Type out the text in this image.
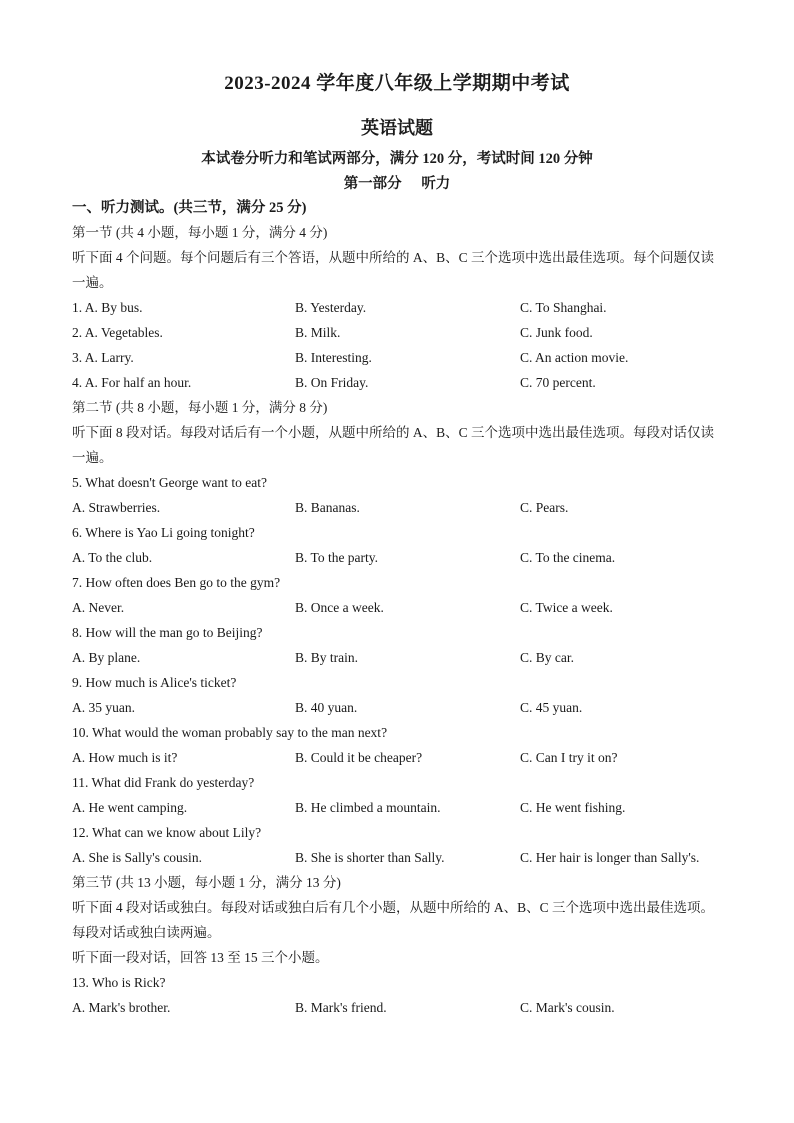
2023-2024 学年度八年级上学期期中考试
英语试题
本试卷分听力和笔试两部分，满分 120 分，考试时间 120 分钟
第一部分 听力
一、听力测试。(共三节，满分 25 分)
第一节 (共 4 小题，每小题 1 分，满分 4 分)
听下面 4 个问题。每个问题后有三个答语，从题中所给的 A、B、C 三个选项中选出最佳选项。每个问题仅读一遍。
1. A. By bus.	B. Yesterday.	C. To Shanghai.
2. A. Vegetables.	B. Milk.	C. Junk food.
3. A. Larry.	B. Interesting.	C. An action movie.
4. A. For half an hour.	B. On Friday.	C. 70 percent.
第二节 (共 8 小题，每小题 1 分，满分 8 分)
听下面 8 段对话。每段对话后有一个小题，从题中所给的 A、B、C 三个选项中选出最佳选项。每段对话仅读一遍。
5. What doesn't George want to eat?
A. Strawberries.	B. Bananas.	C. Pears.
6. Where is Yao Li going tonight?
A. To the club.	B. To the party.	C. To the cinema.
7. How often does Ben go to the gym?
A. Never.	B. Once a week.	C. Twice a week.
8. How will the man go to Beijing?
A. By plane.	B. By train.	C. By car.
9. How much is Alice's ticket?
A. 35 yuan.	B. 40 yuan.	C. 45 yuan.
10. What would the woman probably say to the man next?
A. How much is it?	B. Could it be cheaper?	C. Can I try it on?
11. What did Frank do yesterday?
A. He went camping.	B. He climbed a mountain.	C. He went fishing.
12. What can we know about Lily?
A. She is Sally's cousin.	B. She is shorter than Sally.	C. Her hair is longer than Sally's.
第三节 (共 13 小题，每小题 1 分，满分 13 分)
听下面 4 段对话或独白。每段对话或独白后有几个小题，从题中所给的 A、B、C 三个选项中选出最佳选项。每段对话或独白读两遍。
听下面一段对话，回答 13 至 15 三个小题。
13. Who is Rick?
A. Mark's brother.	B. Mark's friend.	C. Mark's cousin.
